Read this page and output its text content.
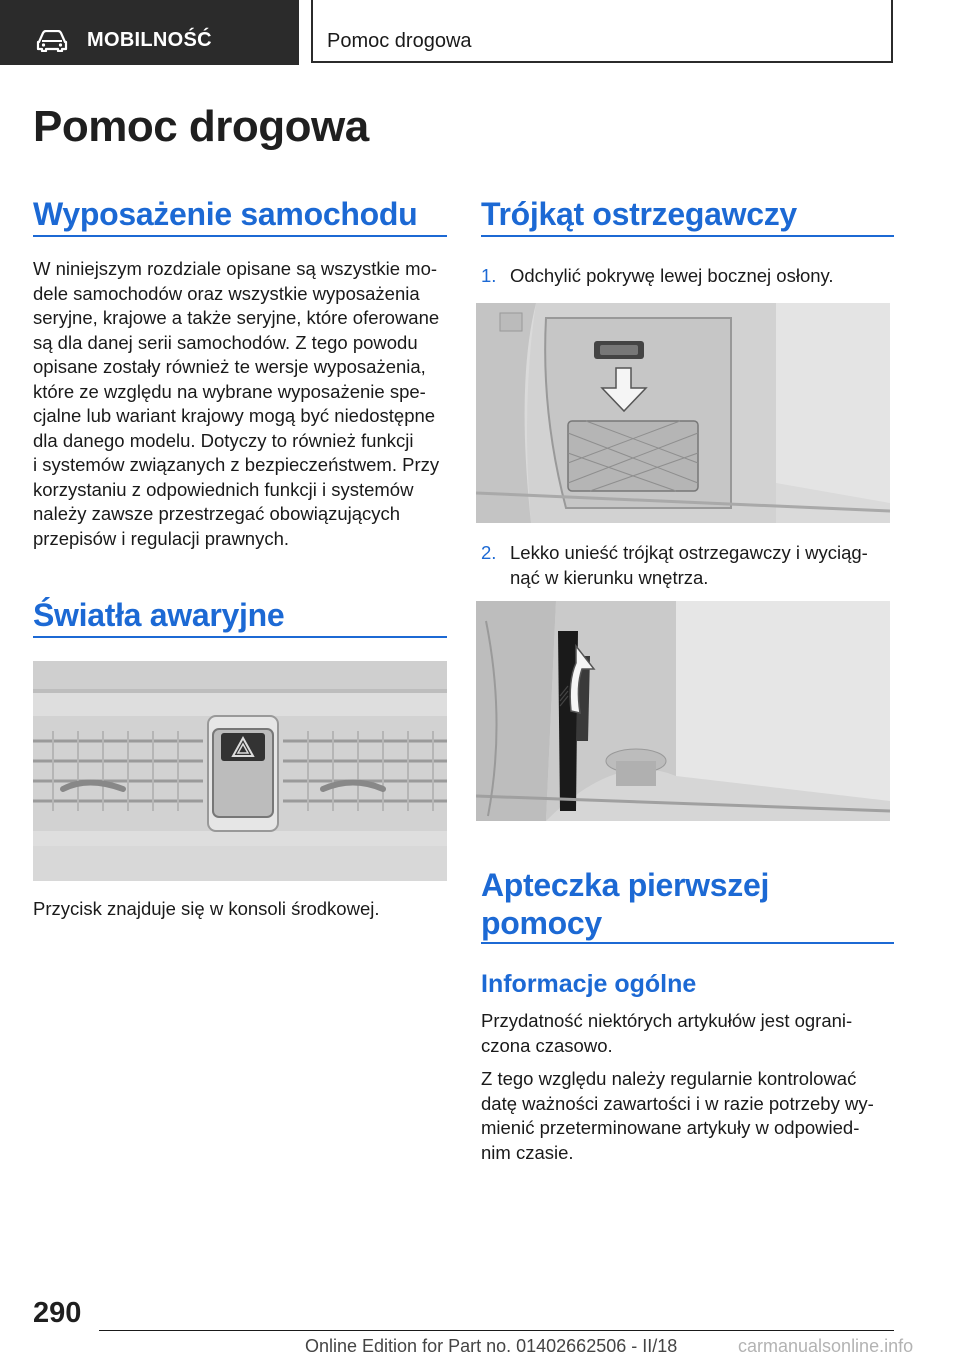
MOBILNOŚĆ	Pomoc drogowa
Pomoc drogowa
Wyposażenie samochodu
W niniejszym rozdziale opisane są wszystkie mo-
dele samochodów oraz wszystkie wyposażenia
seryjne, krajowe a także seryjne, które oferowane
są dla danej serii samochodów. Z tego powodu
opisane zostały również te wersje wyposażenia,
które ze względu na wybrane wyposażenie spe-
cjalne lub wariant krajowy mogą być niedostępne
dla danego modelu. Dotyczy to również funkcji
i systemów związanych z bezpieczeństwem. Przy
korzystaniu z odpowiednich funkcji i systemów
należy zawsze przestrzegać obowiązujących
przepisów i regulacji prawnych.
Światła awaryjne
Przycisk znajduje się w konsoli środkowej.
Trójkąt ostrzegawczy
1. Odchylić pokrywę lewej bocznej osłony.
2. Lekko unieść trójkąt ostrzegawczy i wyciąg-
nąć w kierunku wnętrza.
Apteczka pierwszej
pomocy
Informacje ogólne
Przydatność niektórych artykułów jest ograni-
czona czasowo.
Z tego względu należy regularnie kontrolować
datę ważności zawartości i w razie potrzeby wy-
mienić przeterminowane artykuły w odpowied-
nim czasie.
290
Online Edition for Part no. 01402662506 - II/18	carmanualsonline.info
